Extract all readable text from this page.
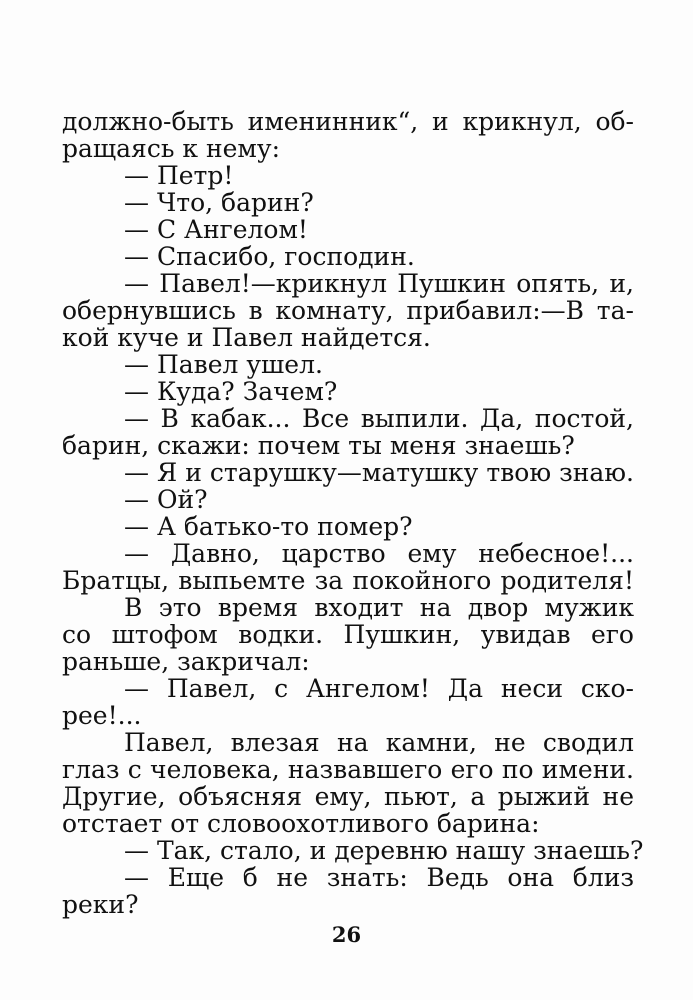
должно-быть именинник“, и крикнул, об-
ращаясь к нему:
— Петр!
— Что, барин?
— С Ангелом!
— Спасибо, господин.
— Павел!—крикнул Пушкин опять, и,
обернувшись в комнату, прибавил:—В та-
кой куче и Павел найдется.
— Павел ушел.
— Куда? Зачем?
— В кабак... Все выпили. Да, постой,
барин, скажи: почем ты меня знаешь?
— Я и старушку—матушку твою знаю.
— Ой?
— А батько-то помер?
— Давно, царство ему небесное!...
Братцы, выпьемте за покойного родителя!
В это время входит на двор мужик
со штофом водки. Пушкин, увидав его
раньше, закричал:
— Павел, с Ангелом! Да неси ско-
рее!...
Павел, влезая на камни, не сводил
глаз с человека, назвавшего его по имени.
Другие, объясняя ему, пьют, а рыжий не
отстает от словоохотливого барина:
— Так, стало, и деревню нашу знаешь?
— Еще б не знать: Ведь она близ
реки?
26
